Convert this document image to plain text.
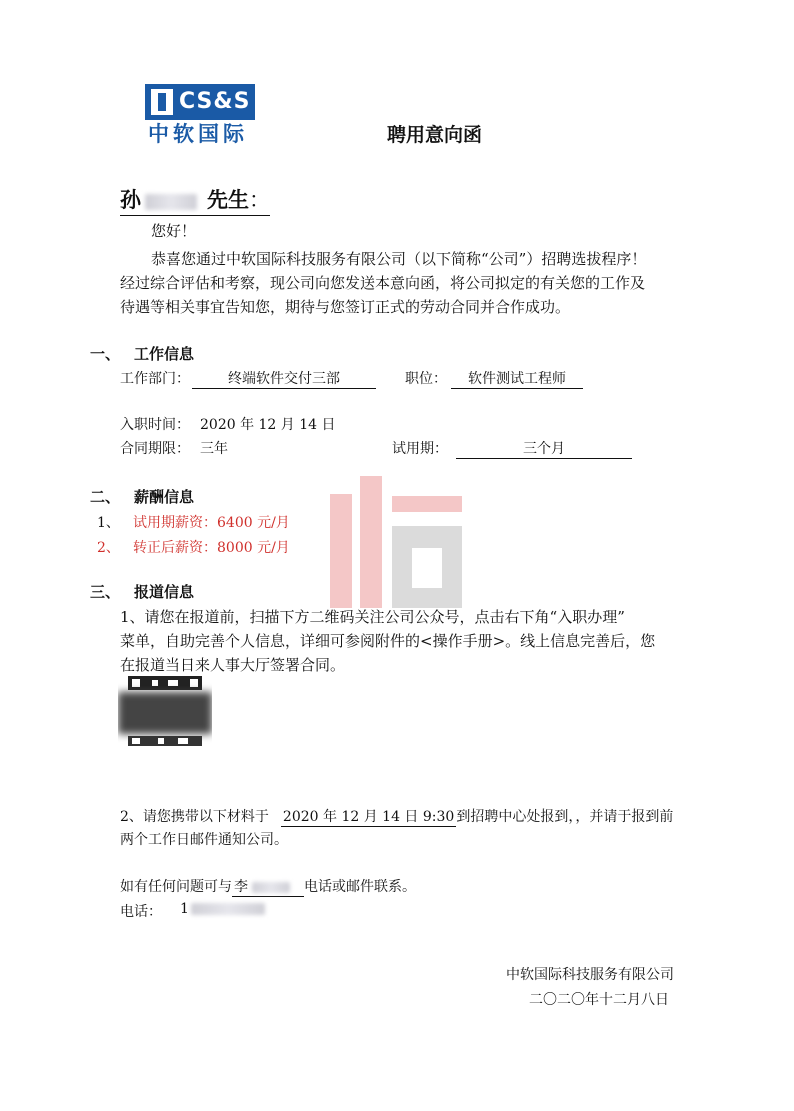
CS&S
中软国际	聘用意向函
孙	先生：
您好！
恭喜您通过中软国际科技服务有限公司（以下简称“公司”）招聘选拔程序！
经过综合评估和考察，现公司向您发送本意向函，将公司拟定的有关您的工作及
待遇等相关事宜告知您，期待与您签订正式的劳动合同并合作成功。
一、 工作信息
工作部门：	终端软件交付三部	职位：	软件测试工程师
入职时间： 2020 年 12 月 14 日
合同期限： 三年	试用期：	三个月
二、 薪酬信息
1、 试用期薪资：6400 元/月
2、 转正后薪资：8000 元/月
三、 报道信息
1、请您在报道前，扫描下方二维码关注公司公众号，点击右下角“入职办理”
菜单，自助完善个人信息，详细可参阅附件的<操作手册>。线上信息完善后，您
在报道当日来人事大厅签署合同。
2、请您携带以下材料于 2020 年 12 月 14 日 9:30 到招聘中心处报到，，并请于报到前
两个工作日邮件通知公司。
如有任何问题可与 李	电话或邮件联系。
电话： 1
中软国际科技服务有限公司
二〇二〇年十二月八日
